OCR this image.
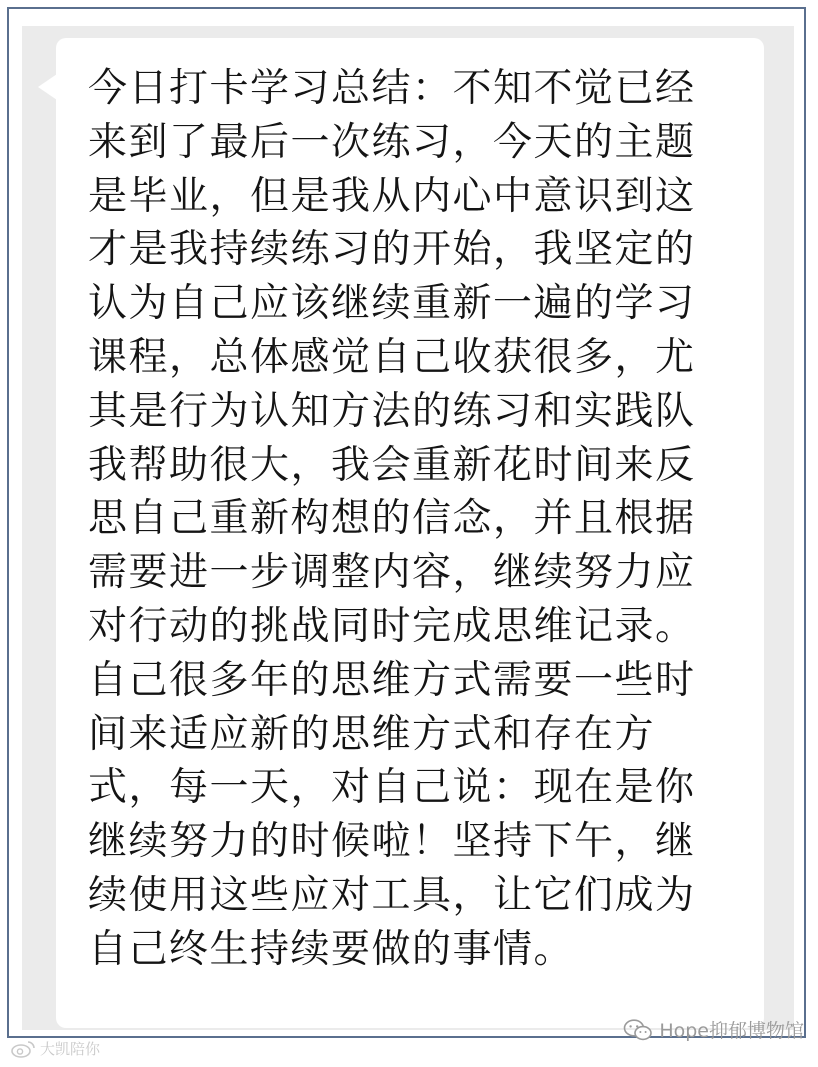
今日打卡学习总结：不知不觉已经
来到了最后一次练习，今天的主题
是毕业，但是我从内心中意识到这
才是我持续练习的开始，我坚定的
认为自己应该继续重新一遍的学习
课程，总体感觉自己收获很多，尤
其是行为认知方法的练习和实践队
我帮助很大，我会重新花时间来反
思自己重新构想的信念，并且根据
需要进一步调整内容，继续努力应
对行动的挑战同时完成思维记录。
自己很多年的思维方式需要一些时
间来适应新的思维方式和存在方
式，每一天，对自己说：现在是你
继续努力的时候啦！坚持下午，继
续使用这些应对工具，让它们成为
自己终生持续要做的事情。

Hope抑郁博物馆
大凯陪你
